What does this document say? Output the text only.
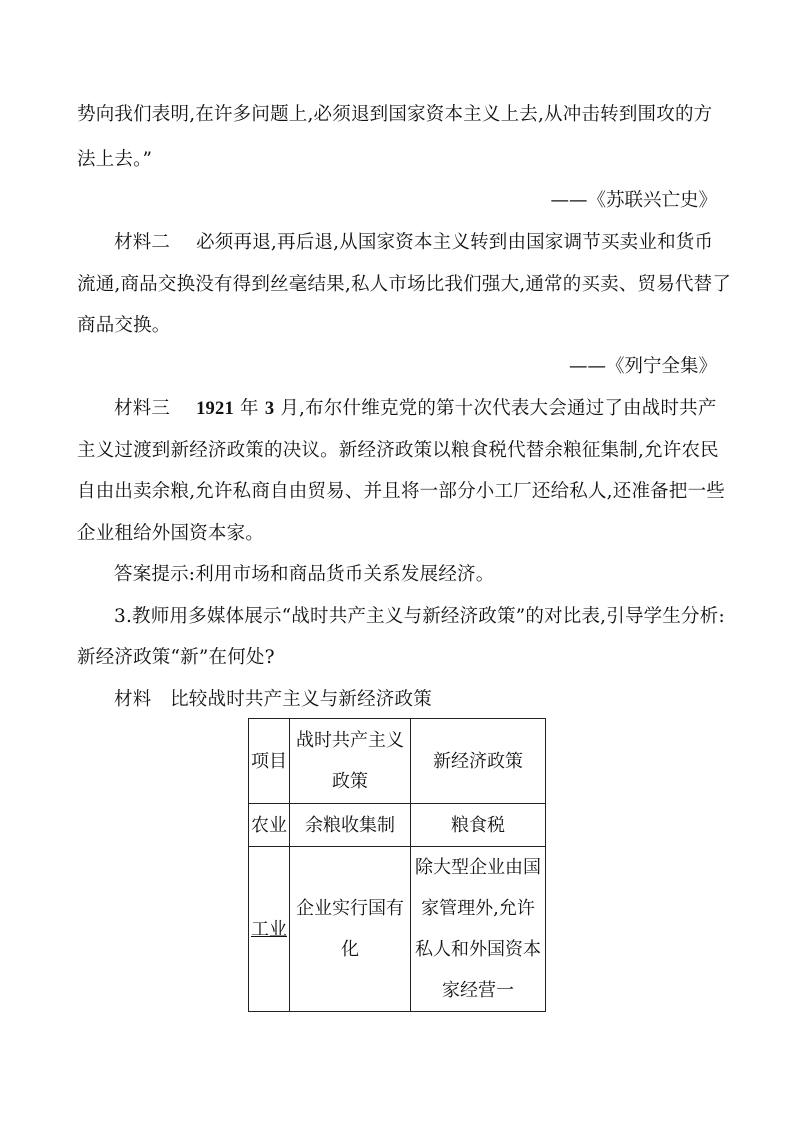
势向我们表明,在许多问题上,必须退到国家资本主义上去,从冲击转到围攻的方
法上去。”
——《苏联兴亡史》
材料二 必须再退,再后退,从国家资本主义转到由国家调节买卖业和货币
流通,商品交换没有得到丝毫结果,私人市场比我们强大,通常的买卖、贸易代替了
商品交换。
——《列宁全集》
材料三 1921 年 3 月,布尔什维克党的第十次代表大会通过了由战时共产
主义过渡到新经济政策的决议。新经济政策以粮食税代替余粮征集制,允许农民
自由出卖余粮,允许私商自由贸易、并且将一部分小工厂还给私人,还准备把一些
企业租给外国资本家。
答案提示:利用市场和商品货币关系发展经济。
3.教师用多媒体展示“战时共产主义与新经济政策”的对比表,引导学生分析:
新经济政策“新”在何处?
材料　比较战时共产主义与新经济政策
项目	战时共产主义政策	新经济政策
农业	余粮收集制	粮食税
工业	企业实行国有化	除大型企业由国家管理外,允许私人和外国资本家经营一
